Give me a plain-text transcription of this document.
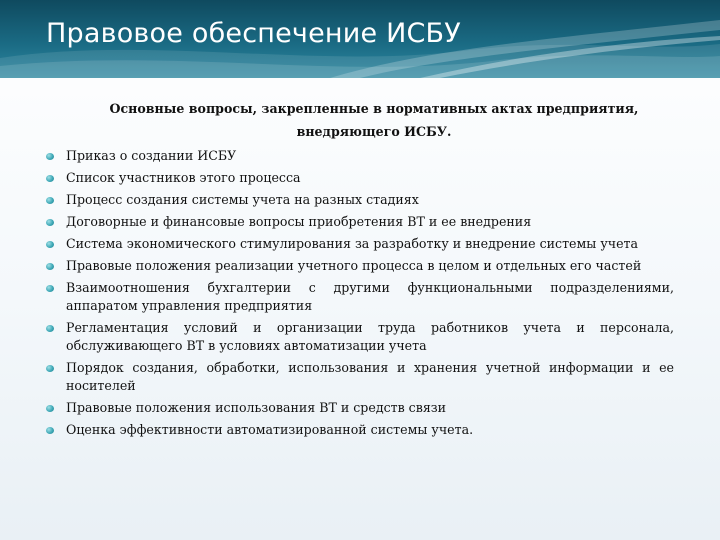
Правовое обеспечение ИСБУ
Основные вопросы, закрепленные в нормативных актах предприятия, внедряющего ИСБУ.
Приказ о создании ИСБУ
Список участников этого процесса
Процесс создания системы учета на разных стадиях
Договорные и финансовые вопросы приобретения ВТ и ее внедрения
Система экономического стимулирования за разработку и внедрение системы учета
Правовые положения реализации учетного процесса в целом и отдельных его частей
Взаимоотношения бухгалтерии с другими функциональными подразделениями, аппаратом управления предприятия
Регламентация условий и организации труда работников учета и персонала, обслуживающего ВТ в условиях автоматизации учета
Порядок создания, обработки, использования и хранения учетной информации и ее носителей
Правовые положения использования ВТ и средств связи
Оценка эффективности автоматизированной системы учета.
